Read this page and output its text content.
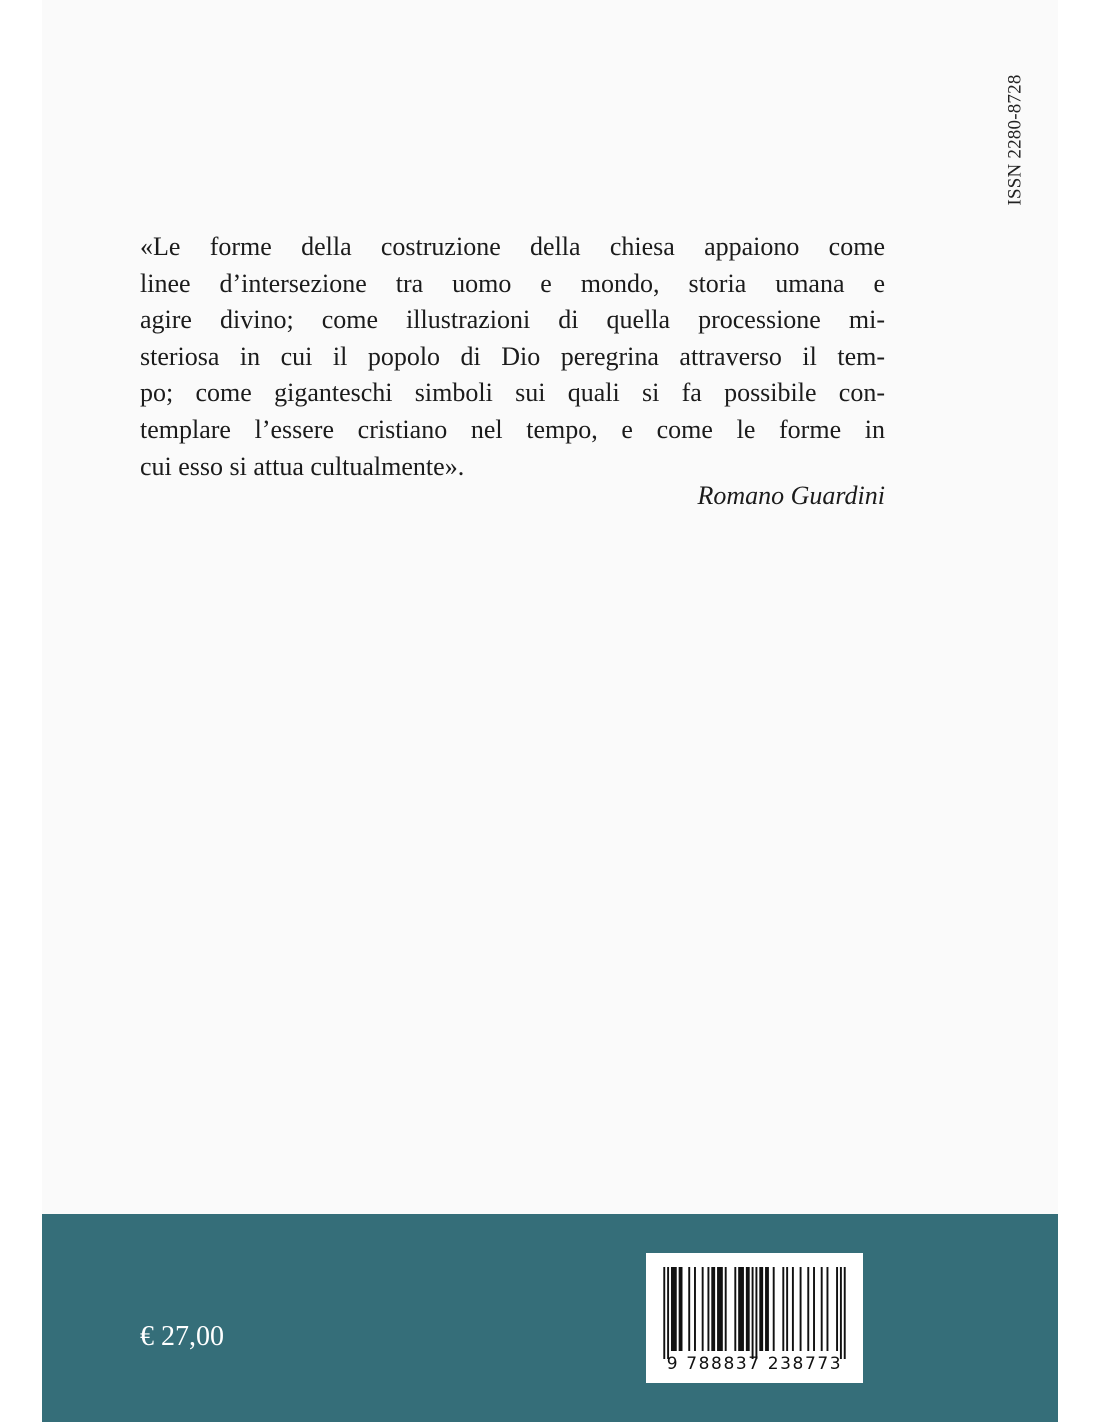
ISSN 2280-8728

«Le forme della costruzione della chiesa appaiono come
linee d’intersezione tra uomo e mondo, storia umana e
agire divino; come illustrazioni di quella processione mi-
steriosa in cui il popolo di Dio peregrina attraverso il tem-
po; come giganteschi simboli sui quali si fa possibile con-
templare l’essere cristiano nel tempo, e come le forme in
cui esso si attua cultualmente».

Romano Guardini
€ 27,00
9 788837 238773
